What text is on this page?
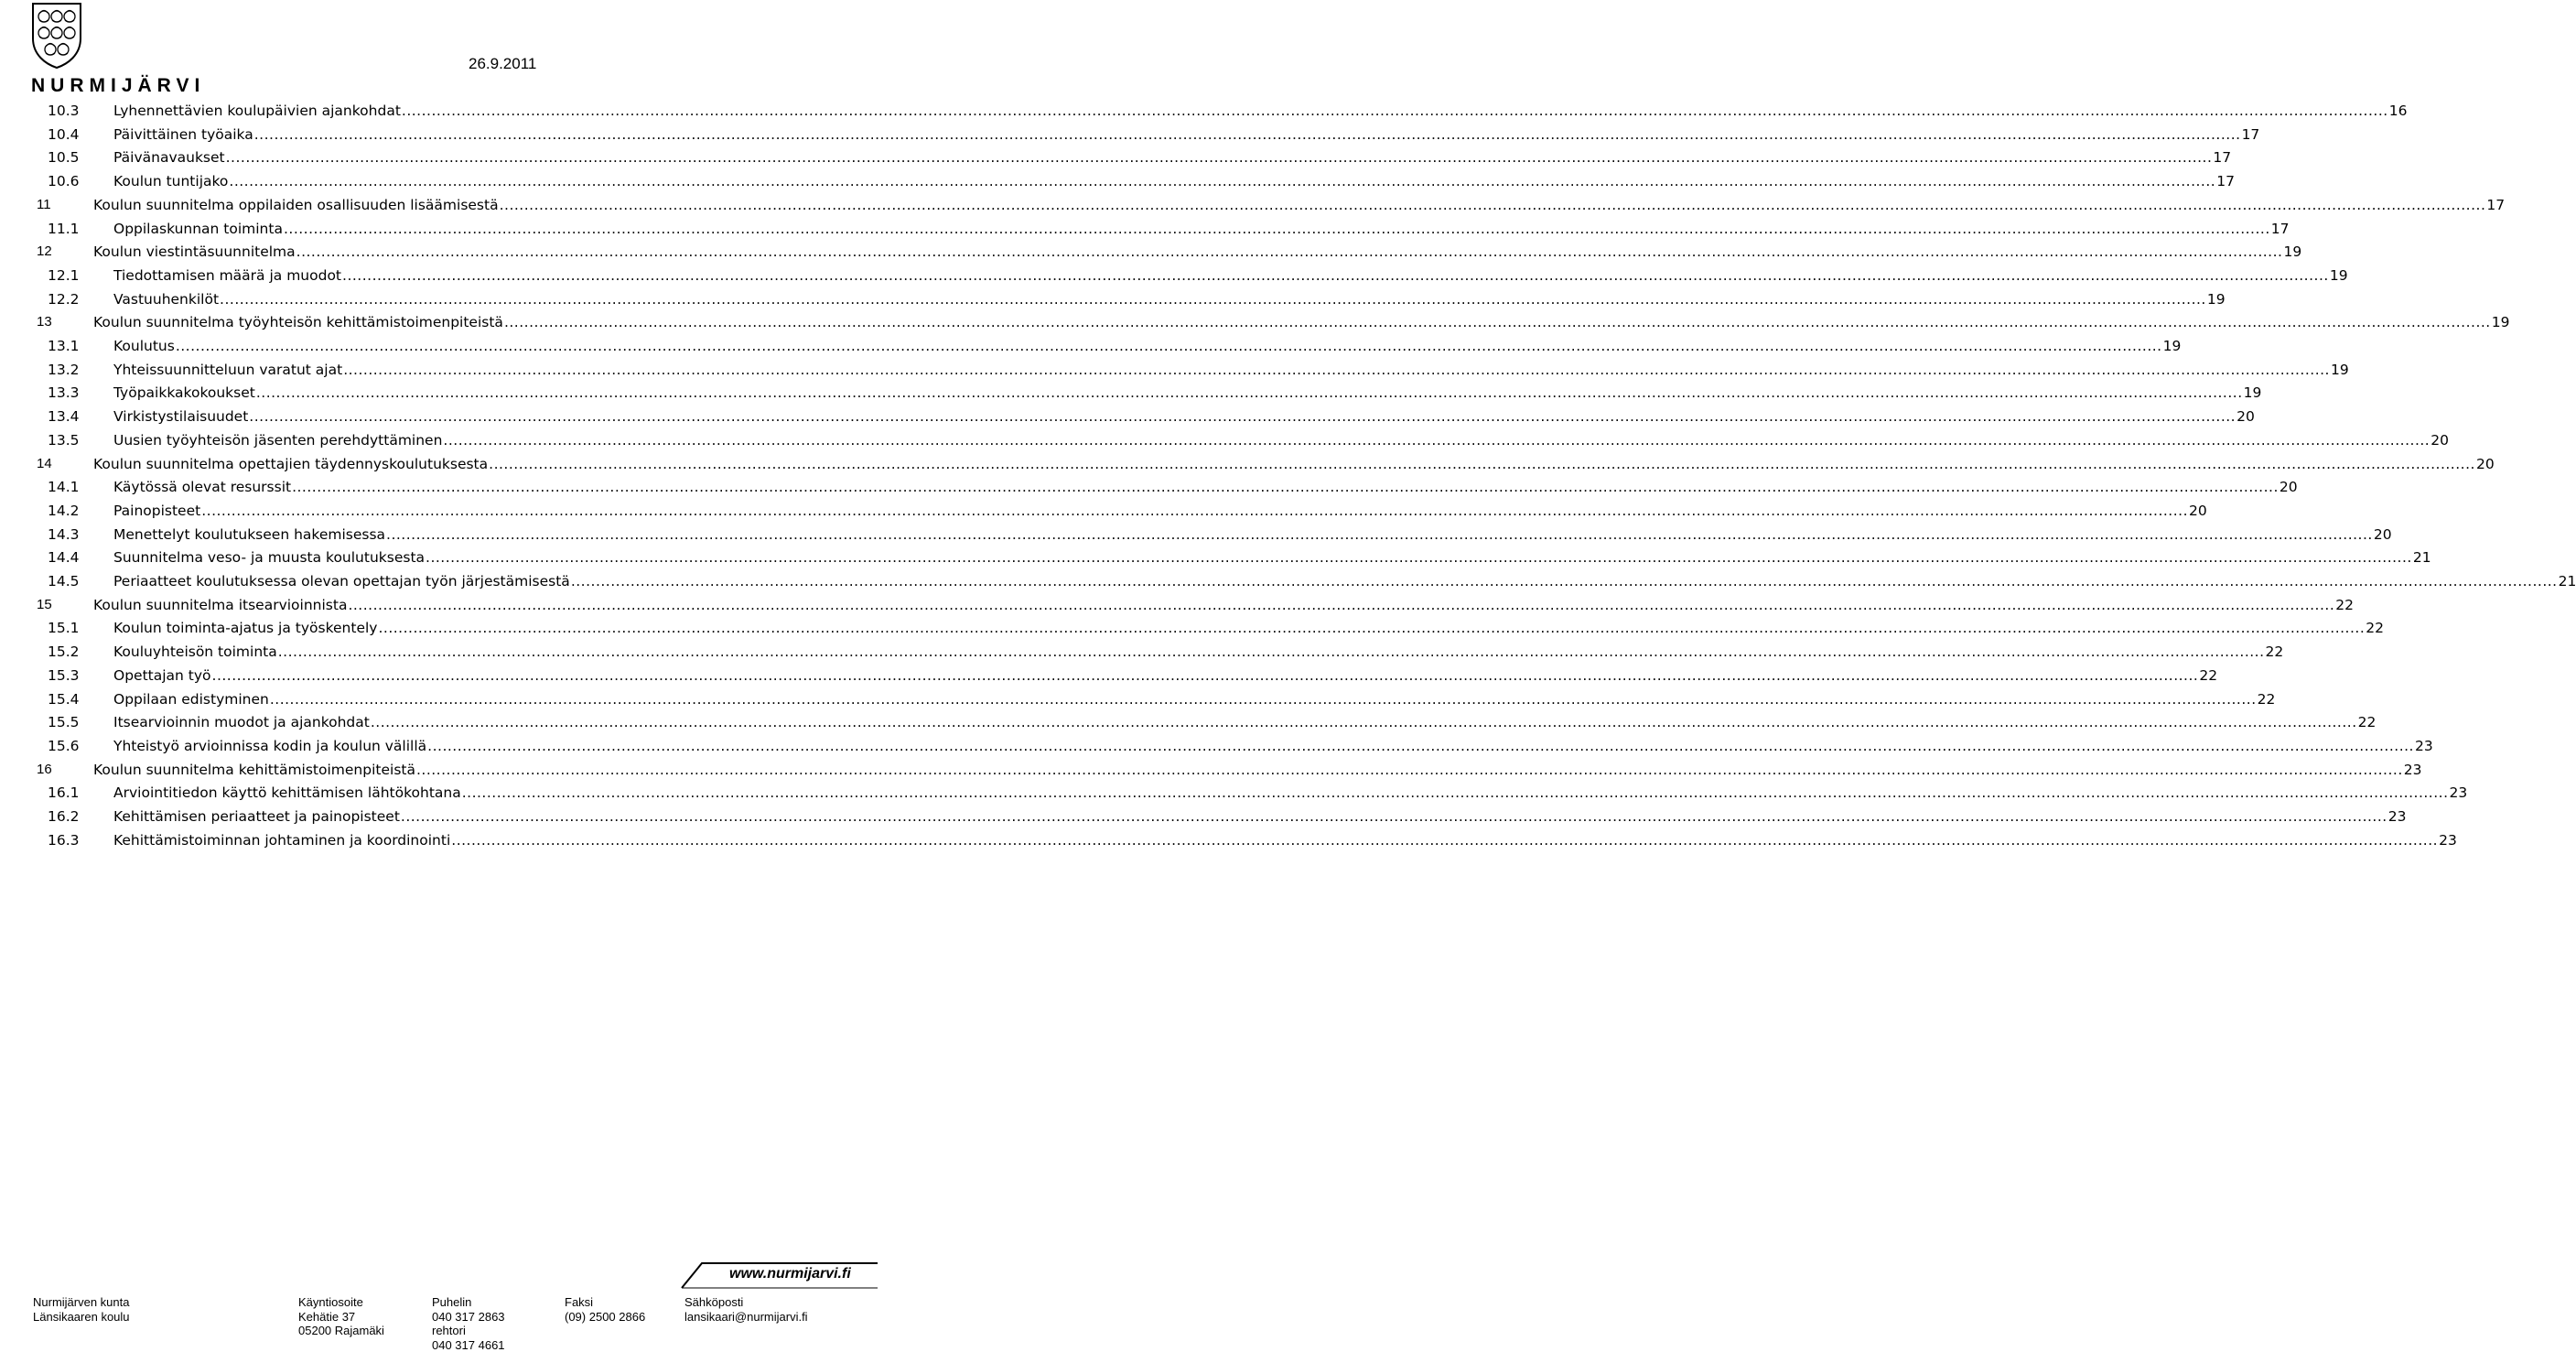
NURMIJÄRVI
26.9.2011
10.3 Lyhennettävien koulupäivien ajankohdat ................................................................................................................................................................................................................................................................................................................................................................................................................ 16
10.4 Päivittäinen työaika ................................................................................................................................................................................................................................................................................................................................................................................................................ 17
10.5 Päivänavaukset ................................................................................................................................................................................................................................................................................................................................................................................................................ 17
10.6 Koulun tuntijako ................................................................................................................................................................................................................................................................................................................................................................................................................ 17
11	Koulun suunnitelma oppilaiden osallisuuden lisäämisestä ................................................................................................................................................................................................................................................................................................................................................................................................................ 17
11.1 Oppilaskunnan toiminta ................................................................................................................................................................................................................................................................................................................................................................................................................ 17
12	Koulun viestintäsuunnitelma ................................................................................................................................................................................................................................................................................................................................................................................................................ 19
12.1 Tiedottamisen määrä ja muodot ................................................................................................................................................................................................................................................................................................................................................................................................................ 19
12.2 Vastuuhenkilöt ................................................................................................................................................................................................................................................................................................................................................................................................................ 19
13	Koulun suunnitelma työyhteisön kehittämistoimenpiteistä ................................................................................................................................................................................................................................................................................................................................................................................................................ 19
13.1 Koulutus ................................................................................................................................................................................................................................................................................................................................................................................................................ 19
13.2 Yhteissuunnitteluun varatut ajat ................................................................................................................................................................................................................................................................................................................................................................................................................ 19
13.3 Työpaikkakokoukset ................................................................................................................................................................................................................................................................................................................................................................................................................ 19
13.4 Virkistystilaisuudet ................................................................................................................................................................................................................................................................................................................................................................................................................ 20
13.5 Uusien työyhteisön jäsenten perehdyttäminen ................................................................................................................................................................................................................................................................................................................................................................................................................ 20
14	Koulun suunnitelma opettajien täydennyskoulutuksesta ................................................................................................................................................................................................................................................................................................................................................................................................................ 20
14.1 Käytössä olevat resurssit ................................................................................................................................................................................................................................................................................................................................................................................................................ 20
14.2 Painopisteet ................................................................................................................................................................................................................................................................................................................................................................................................................ 20
14.3 Menettelyt koulutukseen hakemisessa ................................................................................................................................................................................................................................................................................................................................................................................................................ 20
14.4 Suunnitelma veso- ja muusta koulutuksesta ................................................................................................................................................................................................................................................................................................................................................................................................................ 21
14.5 Periaatteet koulutuksessa olevan opettajan työn järjestämisestä ................................................................................................................................................................................................................................................................................................................................................................................................................ 21
15	Koulun suunnitelma itsearvioinnista ................................................................................................................................................................................................................................................................................................................................................................................................................ 22
15.1 Koulun toiminta-ajatus ja työskentely ................................................................................................................................................................................................................................................................................................................................................................................................................ 22
15.2 Kouluyhteisön toiminta ................................................................................................................................................................................................................................................................................................................................................................................................................ 22
15.3 Opettajan työ ................................................................................................................................................................................................................................................................................................................................................................................................................ 22
15.4 Oppilaan edistyminen ................................................................................................................................................................................................................................................................................................................................................................................................................ 22
15.5 Itsearvioinnin muodot ja ajankohdat ................................................................................................................................................................................................................................................................................................................................................................................................................ 22
15.6 Yhteistyö arvioinnissa kodin ja koulun välillä ................................................................................................................................................................................................................................................................................................................................................................................................................ 23
16	Koulun suunnitelma kehittämistoimenpiteistä ................................................................................................................................................................................................................................................................................................................................................................................................................ 23
16.1 Arviointitiedon käyttö kehittämisen lähtökohtana ................................................................................................................................................................................................................................................................................................................................................................................................................ 23
16.2 Kehittämisen periaatteet ja painopisteet ................................................................................................................................................................................................................................................................................................................................................................................................................ 23
16.3 Kehittämistoiminnan johtaminen ja koordinointi ................................................................................................................................................................................................................................................................................................................................................................................................................ 23
www.nurmijarvi.fi
Nurmijärven kunta
Länsikaaren koulu
Käyntiosoite
Kehätie 37
05200 Rajamäki
Puhelin
040 317 2863
rehtori
040 317 4661
Faksi
(09) 2500 2866
Sähköposti
lansikaari@nurmijarvi.fi
